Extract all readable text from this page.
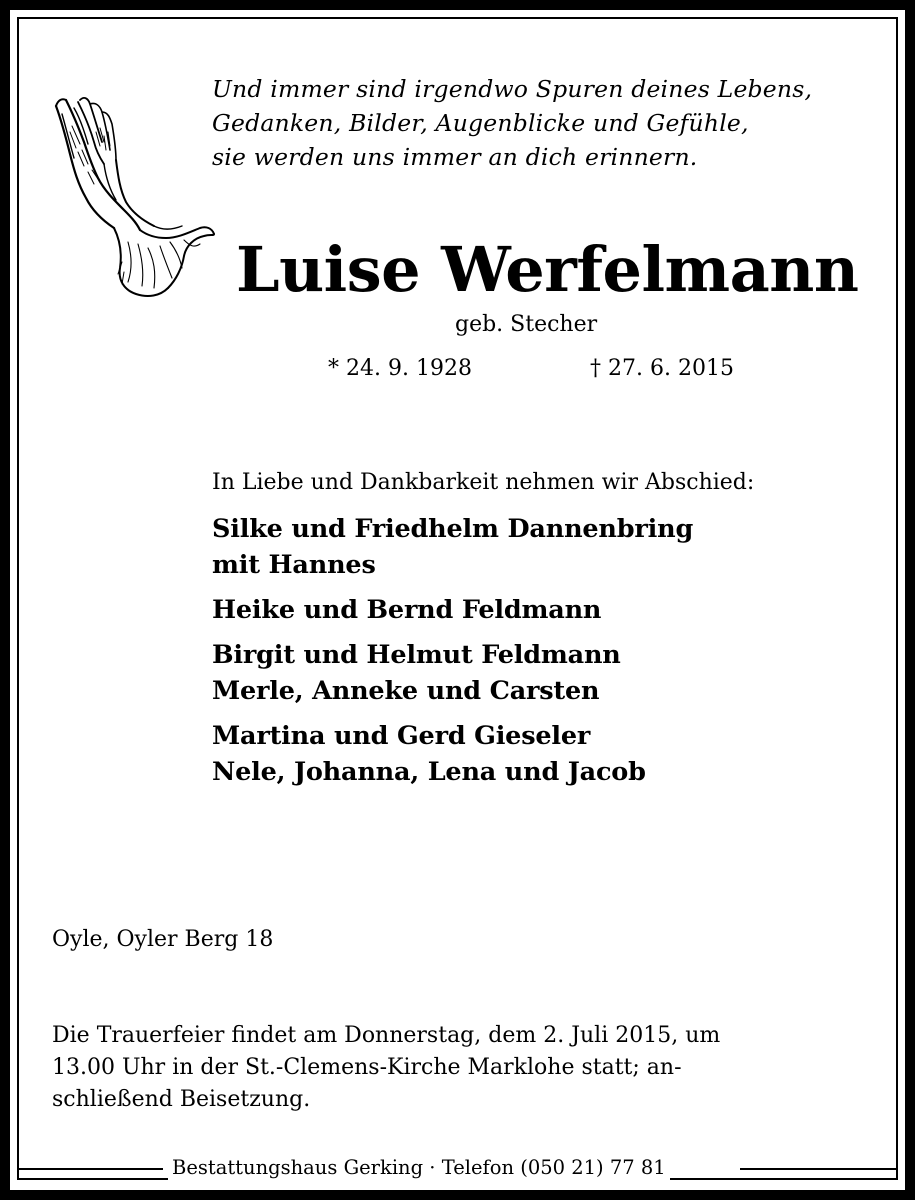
Und immer sind irgendwo Spuren deines Lebens,
Gedanken, Bilder, Augenblicke und Gefühle,
sie werden uns immer an dich erinnern.
Luise Werfelmann
geb. Stecher
* 24. 9. 1928	† 27. 6. 2015
In Liebe und Dankbarkeit nehmen wir Abschied:
Silke und Friedhelm Dannenbring
mit Hannes
Heike und Bernd Feldmann
Birgit und Helmut Feldmann
Merle, Anneke und Carsten
Martina und Gerd Gieseler
Nele, Johanna, Lena und Jacob
Oyle, Oyler Berg 18
Die Trauerfeier findet am Donnerstag, dem 2. Juli 2015, um
13.00 Uhr in der St.-Clemens-Kirche Marklohe statt; an-
schließend Beisetzung.
Bestattungshaus Gerking · Telefon (050 21) 77 81
